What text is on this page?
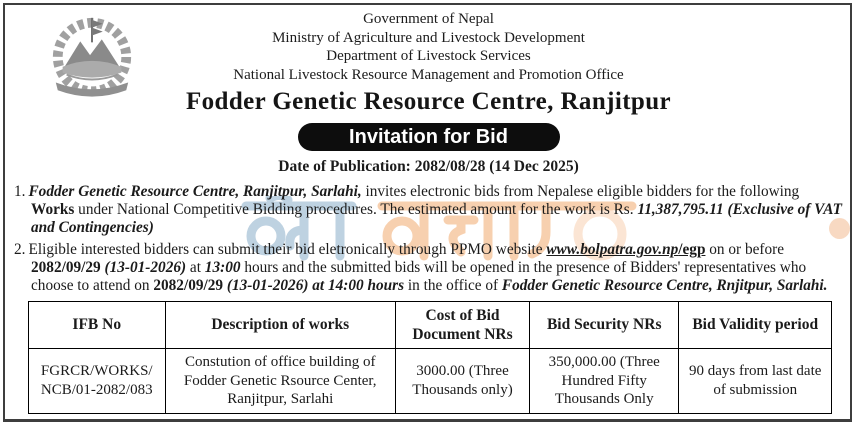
Government of Nepal
Ministry of Agriculture and Livestock Development
Department of Livestock Services
National Livestock Resource Management and Promotion Office
Fodder Genetic Resource Centre, Ranjitpur
Invitation for Bid
Date of Publication: 2082/08/28 (14 Dec 2025)
1. Fodder Genetic Resource Centre, Ranjitpur, Sarlahi, invites electronic bids from Nepalese eligible bidders for the following Works under National Competitive Bidding procedures. The estimated amount for the work is Rs. 11,387,795.11 (Exclusive of VAT and Contingencies)
2. Eligible interested bidders can submit their bid eletronically through PPMO website www.bolpatra.gov.np/egp on or before 2082/09/29 (13-01-2026) at 13:00 hours and the submitted bids will be opened in the presence of Bidders' representatives who choose to attend on 2082/09/29 (13-01-2026) at 14:00 hours in the office of Fodder Genetic Resource Centre, Rnjitpur, Sarlahi.
IFB No	Description of works	Cost of Bid Document NRs	Bid Security NRs	Bid Validity period
FGRCR/WORKS/ NCB/01-2082/083	Constution of office building of Fodder Genetic Rsource Center, Ranjitpur, Sarlahi	3000.00 (Three Thousands only)	350,000.00 (Three Hundred Fifty Thousands Only	90 days from last date of submission
